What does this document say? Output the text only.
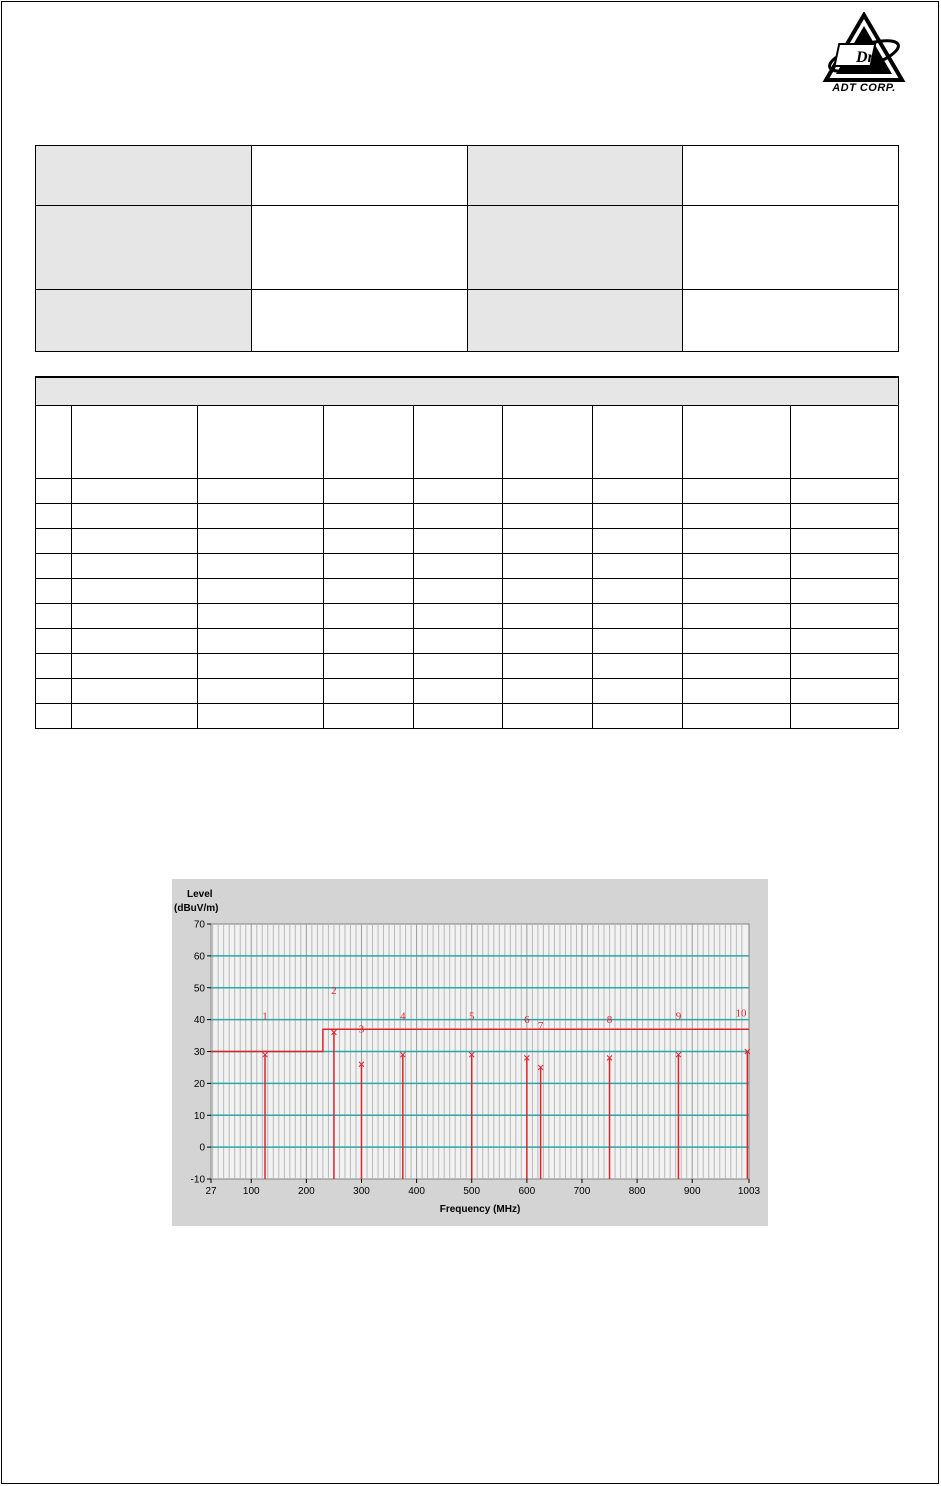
Dr
ADT CORP.

Level
(dBuV/m)
Frequency (MHz)
70
60
50
40
30
20
10
0
-10
27	100	200	300	400	500	600	700	800	900	1003
1
2
3
4	5	6
7
8	9	10
